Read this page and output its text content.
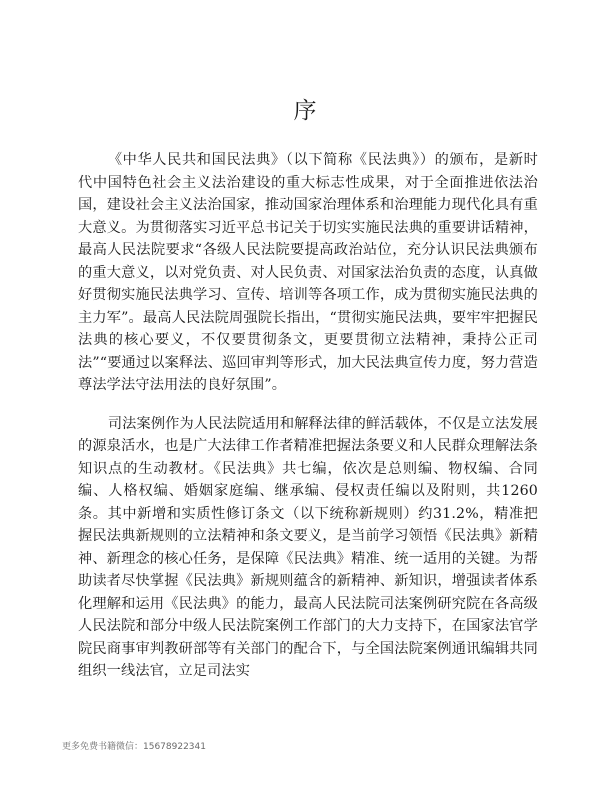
序

《中华人民共和国民法典》（以下简称《民法典》）的颁布，是新时代中国特色社会主义法治建设的重大标志性成果，对于全面推进依法治国，建设社会主义法治国家，推动国家治理体系和治理能力现代化具有重大意义。为贯彻落实习近平总书记关于切实实施民法典的重要讲话精神，最高人民法院要求“各级人民法院要提高政治站位，充分认识民法典颁布的重大意义，以对党负责、对人民负责、对国家法治负责的态度，认真做好贯彻实施民法典学习、宣传、培训等各项工作，成为贯彻实施民法典的主力军”。最高人民法院周强院长指出，“贯彻实施民法典，要牢牢把握民法典的核心要义，不仅要贯彻条文，更要贯彻立法精神，秉持公正司法”“要通过以案释法、巡回审判等形式，加大民法典宣传力度，努力营造尊法学法守法用法的良好氛围”。

司法案例作为人民法院适用和解释法律的鲜活载体，不仅是立法发展的源泉活水，也是广大法律工作者精准把握法条要义和人民群众理解法条知识点的生动教材。《民法典》共七编，依次是总则编、物权编、合同编、人格权编、婚姻家庭编、继承编、侵权责任编以及附则，共1260条。其中新增和实质性修订条文（以下统称新规则）约31.2%，精准把握民法典新规则的立法精神和条文要义，是当前学习领悟《民法典》新精神、新理念的核心任务，是保障《民法典》精准、统一适用的关键。为帮助读者尽快掌握《民法典》新规则蕴含的新精神、新知识，增强读者体系化理解和运用《民法典》的能力，最高人民法院司法案例研究院在各高级人民法院和部分中级人民法院案例工作部门的大力支持下，在国家法官学院民商事审判教研部等有关部门的配合下，与全国法院案例通讯编辑共同组织一线法官，立足司法实

更多免费书籍微信：15678922341
